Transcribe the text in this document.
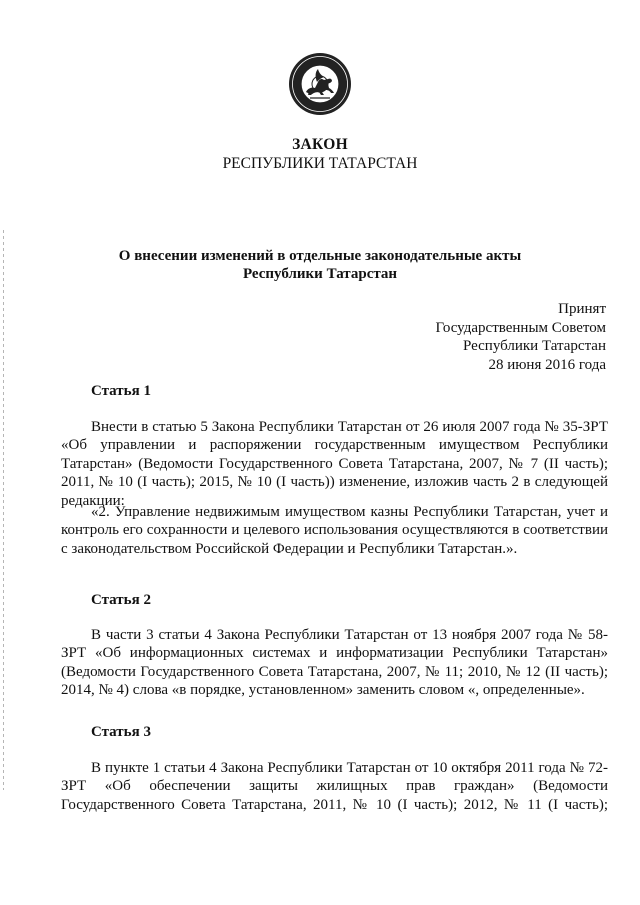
ЗАКОН
РЕСПУБЛИКИ ТАТАРСТАН
О внесении изменений в отдельные законодательные акты
Республики Татарстан
Принят
Государственным Советом
Республики Татарстан
28 июня 2016 года
Статья 1

Внести в статью 5 Закона Республики Татарстан от 26 июля 2007 года № 35-ЗРТ «Об управлении и распоряжении государственным имуществом Республики Татарстан» (Ведомости Государственного Совета Татарстана, 2007, № 7 (II часть); 2011, № 10 (I часть); 2015, № 10 (I часть)) изменение, изложив часть 2 в следующей редакции:

«2. Управление недвижимым имуществом казны Республики Татарстан, учет и контроль его сохранности и целевого использования осуществляются в соответствии с законодательством Российской Федерации и Республики Татарстан.».

Статья 2

В части 3 статьи 4 Закона Республики Татарстан от 13 ноября 2007 года № 58-ЗРТ «Об информационных системах и информатизации Республики Татарстан» (Ведомости Государственного Совета Татарстана, 2007, № 11; 2010, № 12 (II часть); 2014, № 4) слова «в порядке, установленном» заменить словом «, определенные».

Статья 3

В пункте 1 статьи 4 Закона Республики Татарстан от 10 октября 2011 года № 72-ЗРТ «Об обеспечении защиты жилищных прав граждан» (Ведомости Государственного Совета Татарстана, 2011, № 10 (I часть); 2012, № 11 (I часть);
